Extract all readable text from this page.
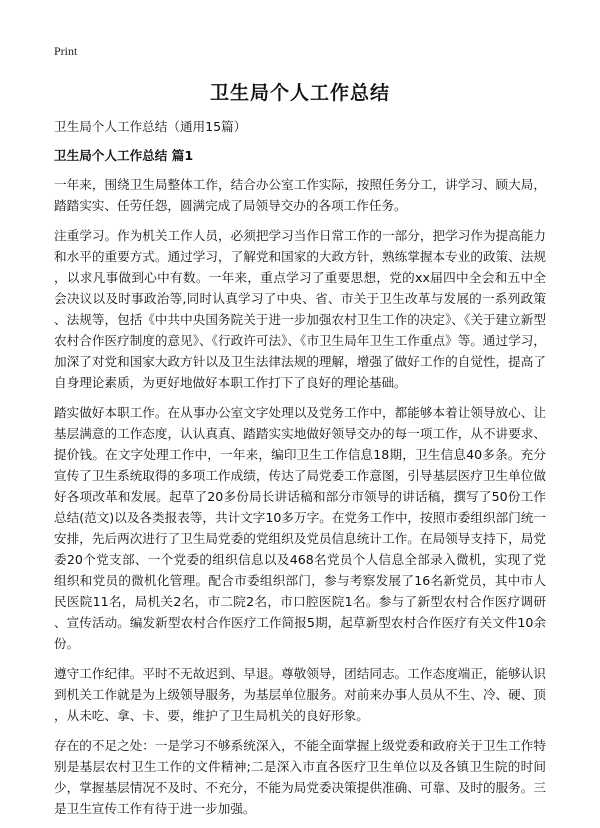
Print
卫生局个人工作总结

卫生局个人工作总结（通用15篇）

卫生局个人工作总结 篇1

一年来，围绕卫生局整体工作，结合办公室工作实际，按照任务分工，讲学习、顾大局，踏踏实实、任劳任怨，圆满完成了局领导交办的各项工作任务。

注重学习。作为机关工作人员，必须把学习当作日常工作的一部分，把学习作为提高能力和水平的重要方式。通过学习，了解党和国家的大政方针，熟练掌握本专业的政策、法规，以求凡事做到心中有数。一年来，重点学习了重要思想，党的xx届四中全会和五中全会决议以及时事政治等,同时认真学习了中央、省、市关于卫生改革与发展的一系列政策、法规等，包括《中共中央国务院关于进一步加强农村卫生工作的决定》、《关于建立新型农村合作医疗制度的意见》、《行政许可法》、《市卫生局年卫生工作重点》等。通过学习，加深了对党和国家大政方针以及卫生法律法规的理解，增强了做好工作的自觉性，提高了自身理论素质，为更好地做好本职工作打下了良好的理论基础。

踏实做好本职工作。在从事办公室文字处理以及党务工作中，都能够本着让领导放心、让基层满意的工作态度，认认真真、踏踏实实地做好领导交办的每一项工作，从不讲要求、提价钱。在文字处理工作中，一年来，编印卫生工作信息18期，卫生信息40多条。充分宣传了卫生系统取得的多项工作成绩，传达了局党委工作意图，引导基层医疗卫生单位做好各项改革和发展。起草了20多份局长讲话稿和部分市领导的讲话稿，撰写了50份工作总结(范文)以及各类报表等，共计文字10多万字。在党务工作中，按照市委组织部门统一安排，先后两次进行了卫生局党委的党组织及党员信息统计工作。在局领导支持下，局党委20个党支部、一个党委的组织信息以及468名党员个人信息全部录入微机，实现了党组织和党员的微机化管理。配合市委组织部门，参与考察发展了16名新党员，其中市人民医院11名，局机关2名，市二院2名，市口腔医院1名。参与了新型农村合作医疗调研、宣传活动。编发新型农村合作医疗工作简报5期，起草新型农村合作医疗有关文件10余份。

遵守工作纪律。平时不无故迟到、早退。尊敬领导，团结同志。工作态度端正，能够认识到机关工作就是为上级领导服务，为基层单位服务。对前来办事人员从不生、冷、硬、顶，从未吃、拿、卡、要，维护了卫生局机关的良好形象。

存在的不足之处：一是学习不够系统深入，不能全面掌握上级党委和政府关于卫生工作特别是基层农村卫生工作的文件精神;二是深入市直各医疗卫生单位以及各镇卫生院的时间少，掌握基层情况不及时、不充分，不能为局党委决策提供准确、可靠、及时的服务。三是卫生宣传工作有待于进一步加强。
